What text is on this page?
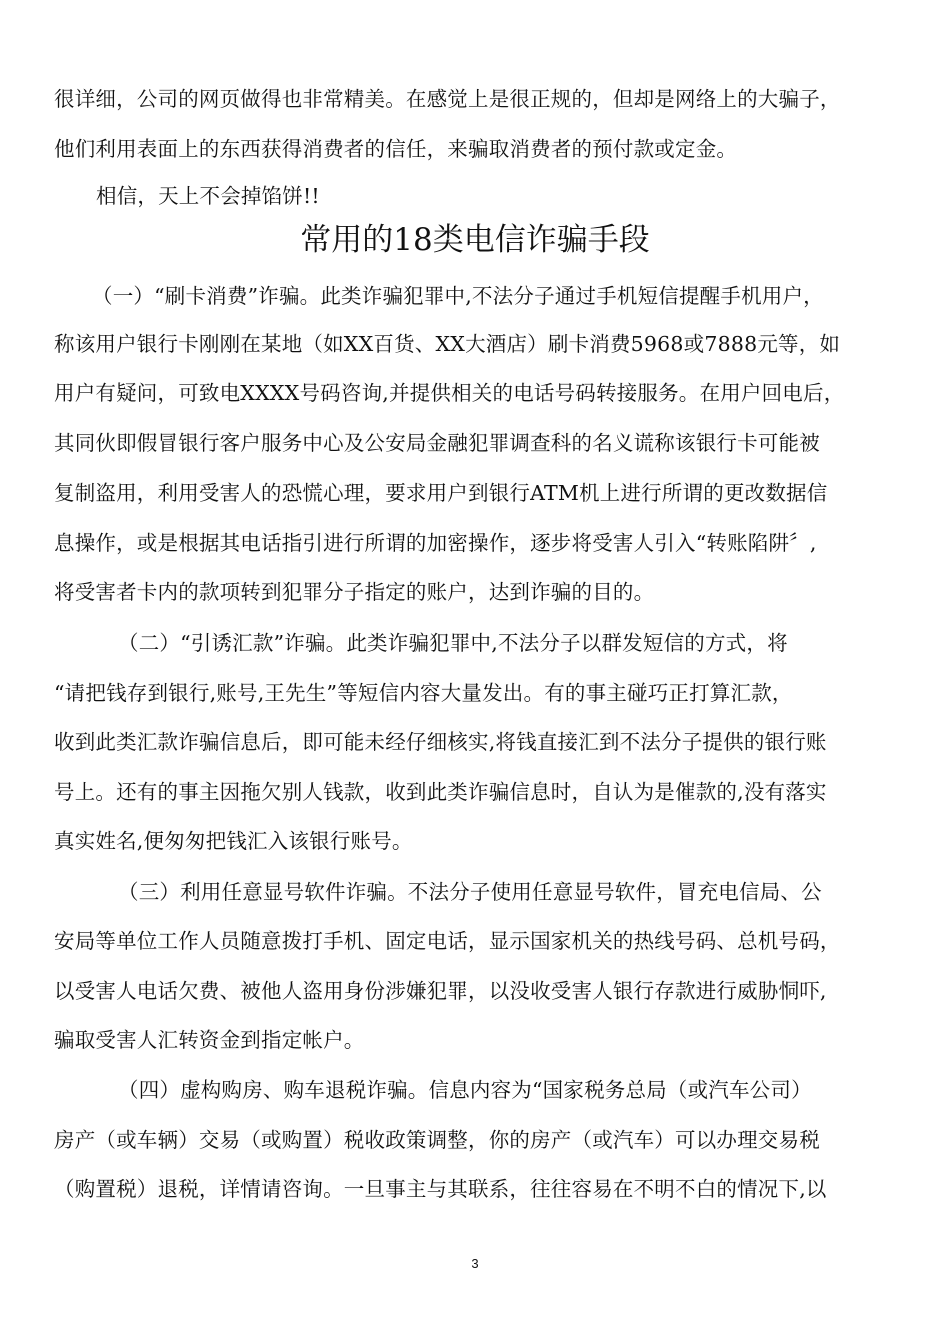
很详细，公司的网页做得也非常精美。在感觉上是很正规的，但却是网络上的大骗子，
他们利用表面上的东西获得消费者的信任，来骗取消费者的预付款或定金。
相信，天上不会掉馅饼!!
常用的18类电信诈骗手段
（一）“刷卡消费”诈骗。此类诈骗犯罪中,不法分子通过手机短信提醒手机用户，
称该用户银行卡刚刚在某地（如XX百货、XX大酒店）刷卡消费5968或7888元等，如
用户有疑问，可致电XXXX号码咨询,并提供相关的电话号码转接服务。在用户回电后，
其同伙即假冒银行客户服务中心及公安局金融犯罪调查科的名义谎称该银行卡可能被
复制盗用，利用受害人的恐慌心理，要求用户到银行ATM机上进行所谓的更改数据信
息操作，或是根据其电话指引进行所谓的加密操作，逐步将受害人引入“转账陷阱〞,
将受害者卡内的款项转到犯罪分子指定的账户，达到诈骗的目的。
（二）“引诱汇款”诈骗。此类诈骗犯罪中,不法分子以群发短信的方式，将
“请把钱存到银行,账号,王先生”等短信内容大量发出。有的事主碰巧正打算汇款，
收到此类汇款诈骗信息后，即可能未经仔细核实,将钱直接汇到不法分子提供的银行账
号上。还有的事主因拖欠别人钱款，收到此类诈骗信息时，自认为是催款的,没有落实
真实姓名,便匆匆把钱汇入该银行账号。
（三）利用任意显号软件诈骗。不法分子使用任意显号软件，冒充电信局、公
安局等单位工作人员随意拨打手机、固定电话，显示国家机关的热线号码、总机号码，
以受害人电话欠费、被他人盗用身份涉嫌犯罪，以没收受害人银行存款进行威胁恫吓,
骗取受害人汇转资金到指定帐户。
（四）虚构购房、购车退税诈骗。信息内容为“国家税务总局（或汽车公司）
房产（或车辆）交易（或购置）税收政策调整，你的房产（或汽车）可以办理交易税
（购置税）退税，详情请咨询。一旦事主与其联系，往往容易在不明不白的情况下,以
3
